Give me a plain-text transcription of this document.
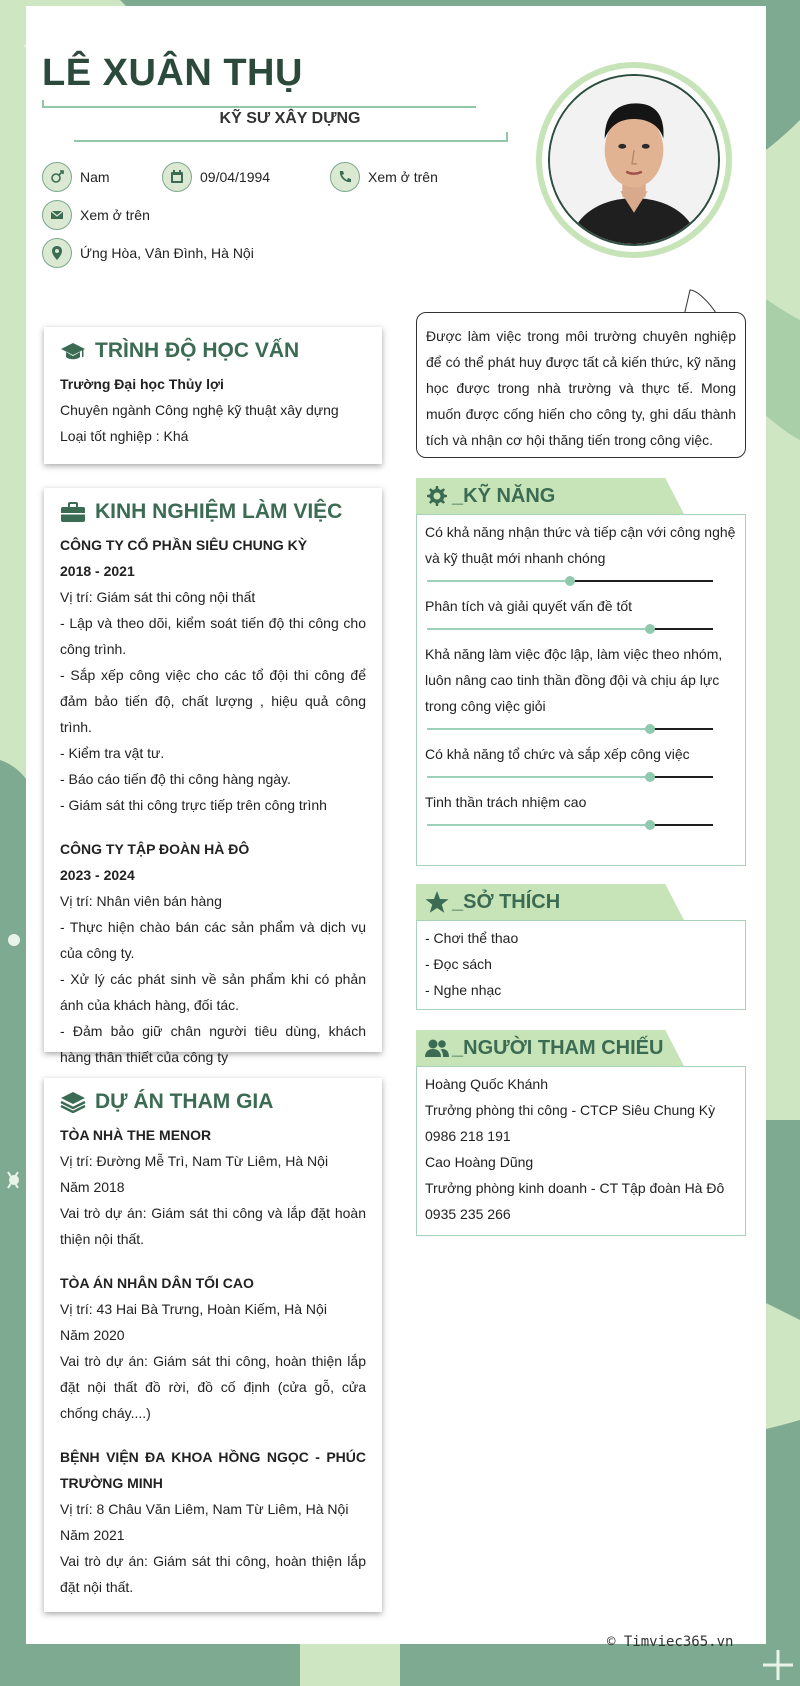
LÊ XUÂN THỤ
KỸ SƯ XÂY DỰNG
Nam	09/04/1994	Xem ở trên
Xem ở trên
Ứng Hòa, Vân Đình, Hà Nội
Được làm việc trong môi trường chuyên nghiệp để có thể phát huy được tất cả kiến thức, kỹ năng học được trong nhà trường và thực tế. Mong muốn được cống hiến cho công ty, ghi dấu thành tích và nhận cơ hội thăng tiến trong công việc.
TRÌNH ĐỘ HỌC VẤN
Trường Đại học Thủy lợi
Chuyên ngành Công nghệ kỹ thuật xây dựng
Loại tốt nghiệp : Khá
KINH NGHIỆM LÀM VIỆC
CÔNG TY CỔ PHẦN SIÊU CHUNG KỲ
2018 - 2021
Vị trí: Giám sát thi công nội thất
- Lập và theo dõi, kiểm soát tiến độ thi công cho công trình.
- Sắp xếp công việc cho các tổ đội thi công để đảm bảo tiến độ, chất lượng , hiệu quả công trình.
- Kiểm tra vật tư.
- Báo cáo tiến độ thi công hàng ngày.
- Giám sát thi công trực tiếp trên công trình
CÔNG TY TẬP ĐOÀN HÀ ĐÔ
2023 - 2024
Vị trí: Nhân viên bán hàng
- Thực hiện chào bán các sản phẩm và dịch vụ của công ty.
- Xử lý các phát sinh về sản phẩm khi có phản ánh của khách hàng, đối tác.
- Đảm bảo giữ chân người tiêu dùng, khách hàng thân thiết của công ty
DỰ ÁN THAM GIA
TÒA NHÀ THE MENOR
Vị trí: Đường Mễ Trì, Nam Từ Liêm, Hà Nội
Năm 2018
Vai trò dự án: Giám sát thi công và lắp đặt hoàn thiện nội thất.
TÒA ÁN NHÂN DÂN TỐI CAO
Vị trí: 43 Hai Bà Trưng, Hoàn Kiếm, Hà Nội
Năm 2020
Vai trò dự án: Giám sát thi công, hoàn thiện lắp đặt nội thất đồ rời, đồ cố định (cửa gỗ, cửa chống cháy....)
BỆNH VIỆN ĐA KHOA HỒNG NGỌC - PHÚC TRƯỜNG MINH
Vị trí: 8 Châu Văn Liêm, Nam Từ Liêm, Hà Nội
Năm 2021
Vai trò dự án: Giám sát thi công, hoàn thiện lắp đặt nội thất.
_KỸ NĂNG
Có khả năng nhận thức và tiếp cận với công nghệ và kỹ thuật mới nhanh chóng
Phân tích và giải quyết vấn đề tốt
Khả năng làm việc độc lập, làm việc theo nhóm, luôn nâng cao tinh thần đồng đội và chịu áp lực trong công việc giỏi
Có khả năng tổ chức và sắp xếp công việc
Tinh thần trách nhiệm cao
_SỞ THÍCH
- Chơi thể thao
- Đọc sách
- Nghe nhạc
_NGƯỜI THAM CHIẾU
Hoàng Quốc Khánh
Trưởng phòng thi công - CTCP Siêu Chung Kỳ
0986 218 191
Cao Hoàng Dũng
Trưởng phòng kinh doanh - CT Tập đoàn Hà Đô
0935 235 266
© Timviec365.vn
